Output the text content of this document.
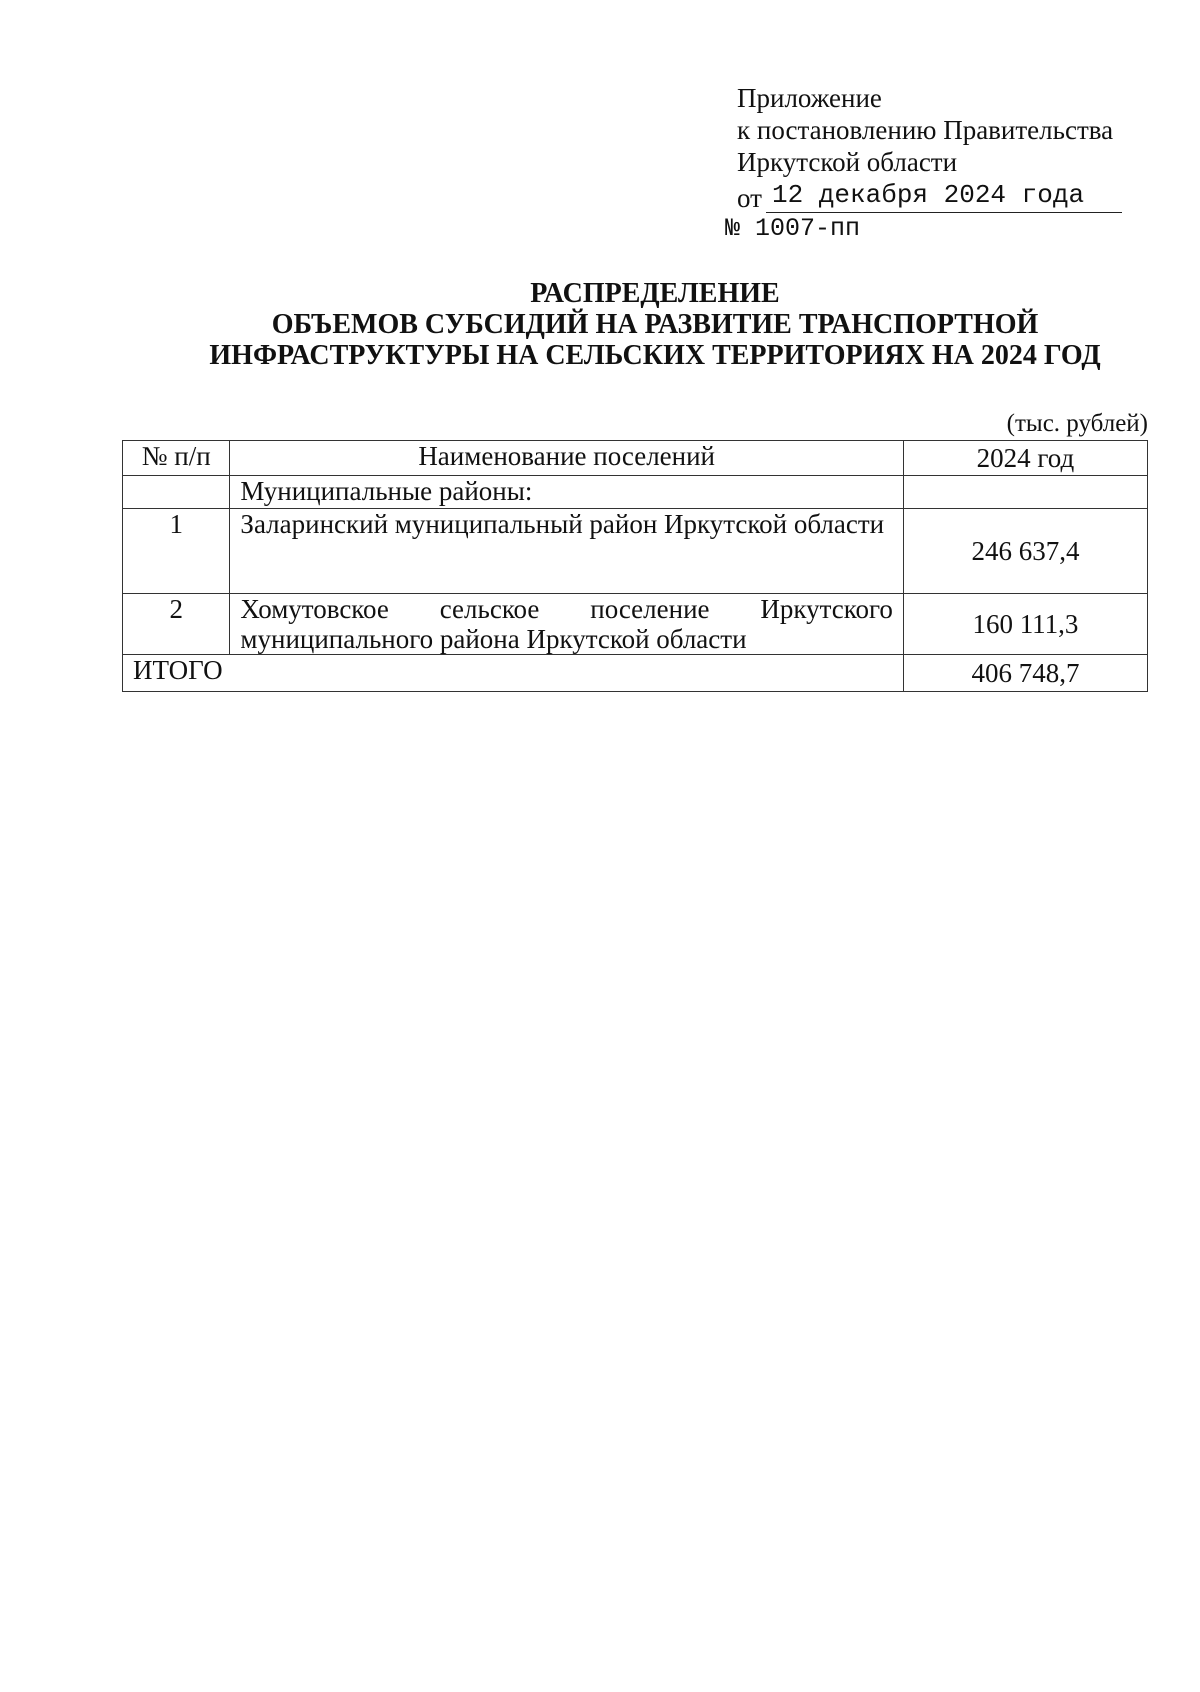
Приложение
к постановлению Правительства
Иркутской области
от 12 декабря 2024 года
№ 1007-пп
РАСПРЕДЕЛЕНИЕ
ОБЪЕМОВ СУБСИДИЙ НА РАЗВИТИЕ ТРАНСПОРТНОЙ
ИНФРАСТРУКТУРЫ НА СЕЛЬСКИХ ТЕРРИТОРИЯХ НА 2024 ГОД
(тыс. рублей)
№ п/п	Наименование поселений	2024 год
	Муниципальные районы:	
1	Заларинский муниципальный район Иркутской области	246 637,4
2	Хомутовское сельское поселение Иркутского муниципального района Иркутской области	160 111,3
ИТОГО		406 748,7
